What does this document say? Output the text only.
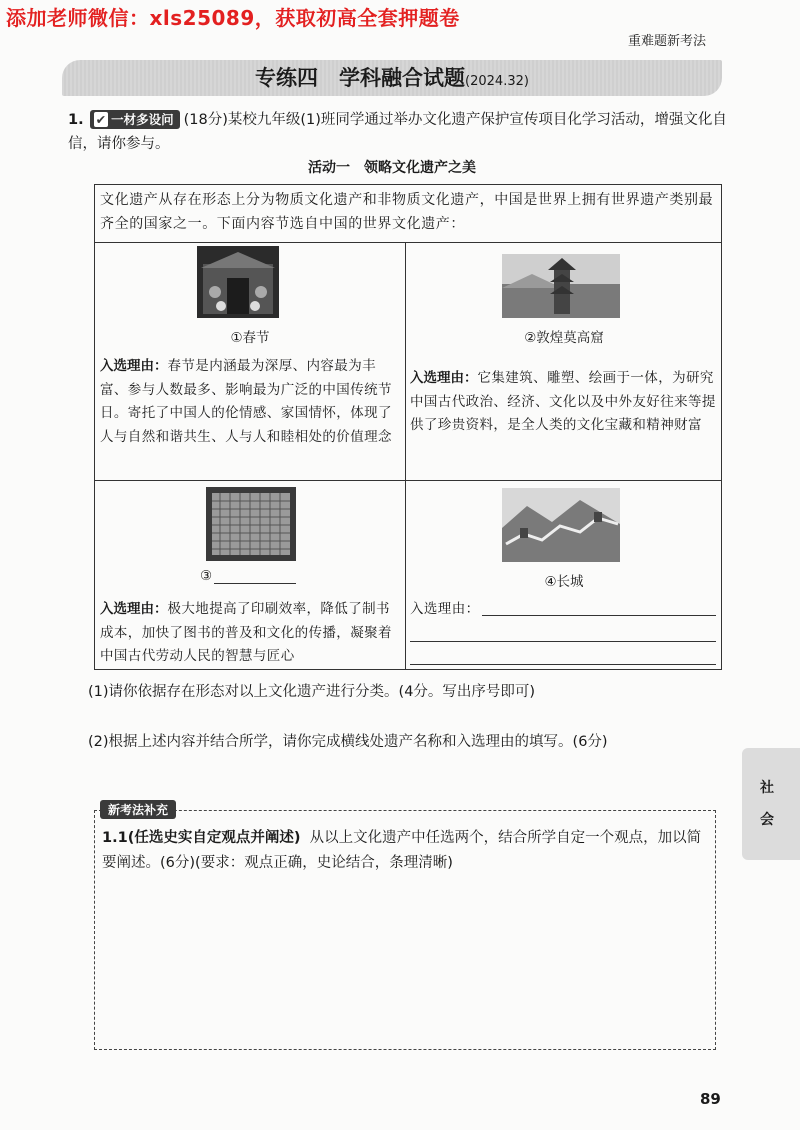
添加老师微信：xls25089，获取初高全套押题卷
重难题新考法
专练四　学科融合试题(2024.32)
1. ✔ 一材多设问 (18分)某校九年级(1)班同学通过举办文化遗产保护宣传项目化学习活动，增强文化自信，请你参与。
活动一　领略文化遗产之美
文化遗产从存在形态上分为物质文化遗产和非物质文化遗产，中国是世界上拥有世界遗产类别最齐全的国家之一。下面内容节选自中国的世界文化遗产：
①春节
入选理由：春节是内涵最为深厚、内容最为丰富、参与人数最多、影响最为广泛的中国传统节日。寄托了中国人的伦情感、家国情怀，体现了人与自然和谐共生、人与人和睦相处的价值理念
②敦煌莫高窟
入选理由：它集建筑、雕塑、绘画于一体，为研究中国古代政治、经济、文化以及中外友好往来等提供了珍贵资料，是全人类的文化宝藏和精神财富
③
入选理由：极大地提高了印刷效率，降低了制书成本，加快了图书的普及和文化的传播，凝聚着中国古代劳动人民的智慧与匠心
④长城
入选理由：
(1)请你依据存在形态对以上文化遗产进行分类。(4分。写出序号即可)
(2)根据上述内容并结合所学，请你完成横线处遗产名称和入选理由的填写。(6分)
社
会
新考法补充
1.1(任选史实自定观点并阐述) 从以上文化遗产中任选两个，结合所学自定一个观点，加以简要阐述。(6分)(要求：观点正确，史论结合，条理清晰)
89
